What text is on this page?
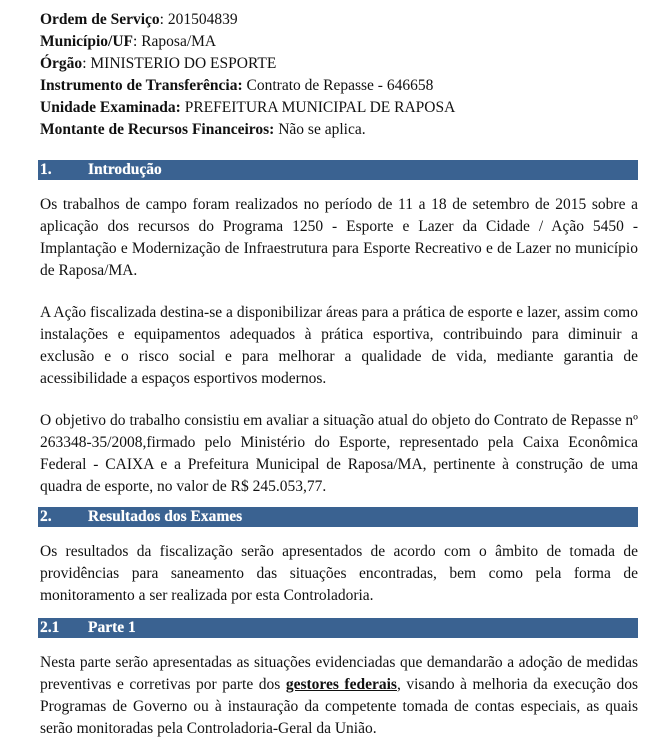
Ordem de Serviço: 201504839
Município/UF: Raposa/MA
Órgão: MINISTERIO DO ESPORTE
Instrumento de Transferência: Contrato de Repasse - 646658
Unidade Examinada: PREFEITURA MUNICIPAL DE RAPOSA
Montante de Recursos Financeiros: Não se aplica.
1.	Introdução

Os trabalhos de campo foram realizados no período de 11 a 18 de setembro de 2015 sobre a aplicação dos recursos do Programa 1250 - Esporte e Lazer da Cidade / Ação 5450 - Implantação e Modernização de Infraestrutura para Esporte Recreativo e de Lazer no município de Raposa/MA.

A Ação fiscalizada destina-se a disponibilizar áreas para a prática de esporte e lazer, assim como instalações e equipamentos adequados à prática esportiva, contribuindo para diminuir a exclusão e o risco social e para melhorar a qualidade de vida, mediante garantia de acessibilidade a espaços esportivos modernos.

O objetivo do trabalho consistiu em avaliar a situação atual do objeto do Contrato de Repasse nº 263348-35/2008,firmado pelo Ministério do Esporte, representado pela Caixa Econômica Federal - CAIXA e a Prefeitura Municipal de Raposa/MA, pertinente à construção de uma quadra de esporte, no valor de R$ 245.053,77.

2.	Resultados dos Exames

Os resultados da fiscalização serão apresentados de acordo com o âmbito de tomada de providências para saneamento das situações encontradas, bem como pela forma de monitoramento a ser realizada por esta Controladoria.

2.1	Parte 1

Nesta parte serão apresentadas as situações evidenciadas que demandarão a adoção de medidas preventivas e corretivas por parte dos gestores federais, visando à melhoria da execução dos Programas de Governo ou à instauração da competente tomada de contas especiais, as quais serão monitoradas pela Controladoria-Geral da União.
